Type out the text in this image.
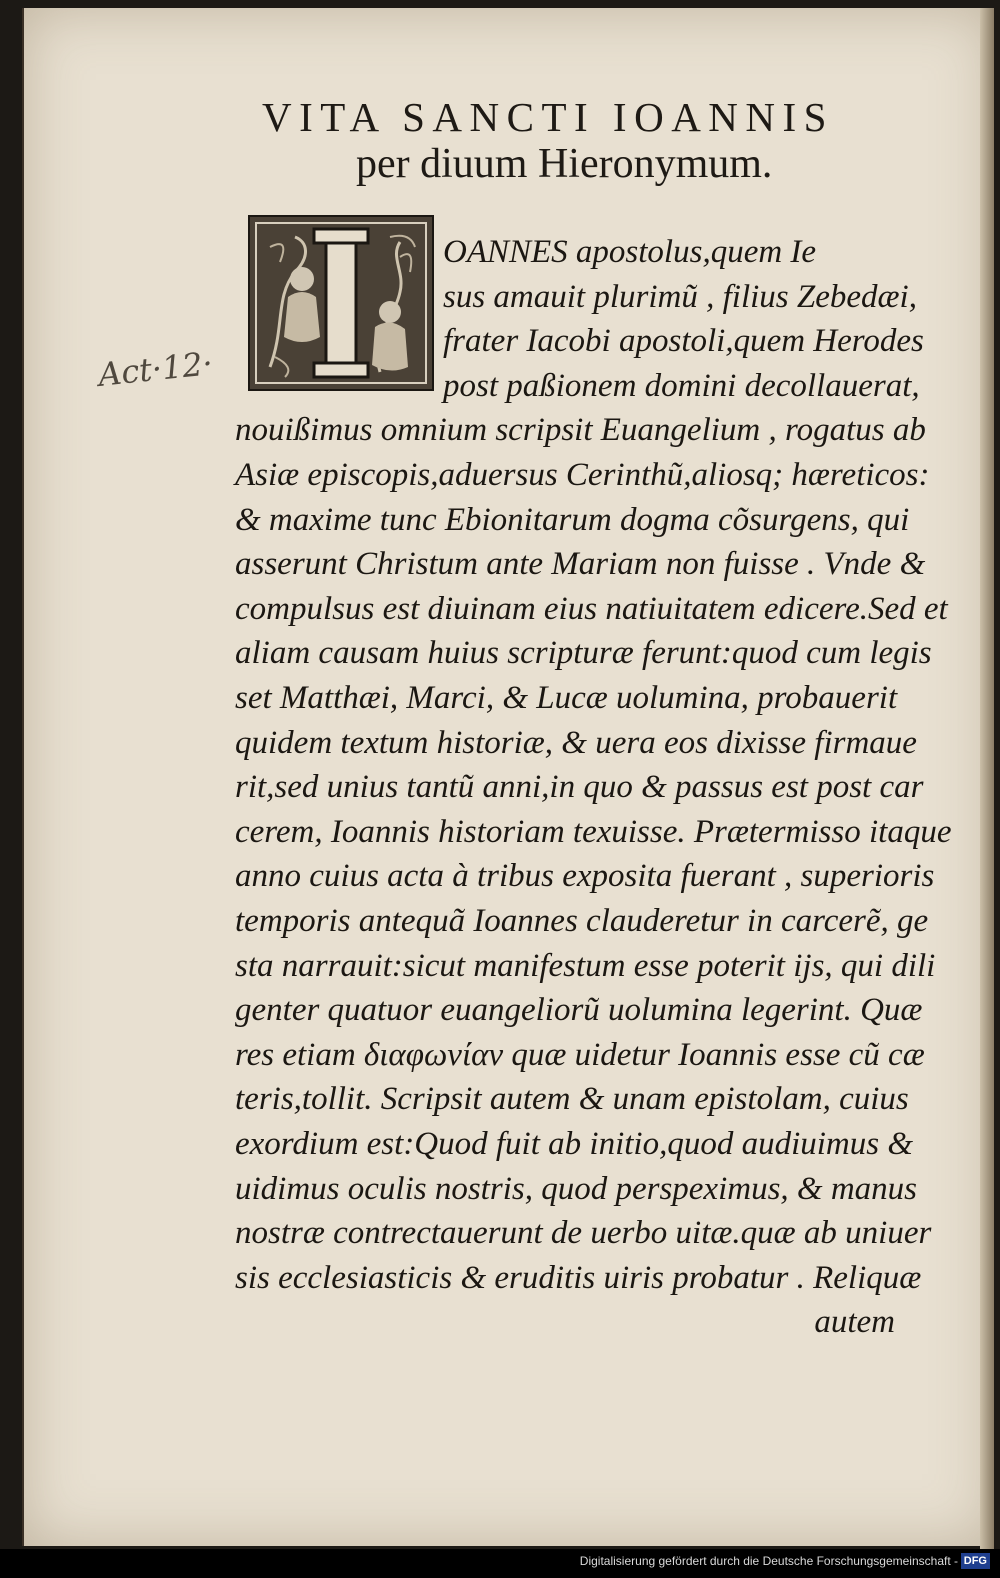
VITA SANCTI IOANNIS
per diuum Hieronymum.
Act·12·
OANNES apostolus,quem Ie
sus amauit plurimũ , filius Zebedæi,
frater Iacobi apostoli,quem Herodes
post paßionem domini decollauerat,
nouißimus omnium scripsit Euangelium , rogatus ab
Asiæ episcopis,aduersus Cerinthũ,aliosq; hæreticos:
& maxime tunc Ebionitarum dogma cõsurgens, qui
asserunt Christum ante Mariam non fuisse . Vnde &
compulsus est diuinam eius natiuitatem edicere.Sed et
aliam causam huius scripturæ ferunt:quod cum legis
set Matthæi, Marci, & Lucæ uolumina, probauerit
quidem textum historiæ, & uera eos dixisse firmaue
rit,sed unius tantũ anni,in quo & passus est post car
cerem, Ioannis historiam texuisse. Prætermisso itaque
anno cuius acta à tribus exposita fuerant , superioris
temporis antequã Ioannes clauderetur in carcerẽ, ge
sta narrauit:sicut manifestum esse poterit ijs, qui dili
genter quatuor euangeliorũ uolumina legerint. Quæ
res etiam διαφωνίαν quæ uidetur Ioannis esse cũ cæ
teris,tollit. Scripsit autem & unam epistolam, cuius
exordium est:Quod fuit ab initio,quod audiuimus &
uidimus oculis nostris, quod perspeximus, & manus
nostræ contrectauerunt de uerbo uitæ.quæ ab uniuer
sis ecclesiasticis & eruditis uiris probatur . Reliquæ
autem
Digitalisierung gefördert durch die Deutsche Forschungsgemeinschaft - DFG
